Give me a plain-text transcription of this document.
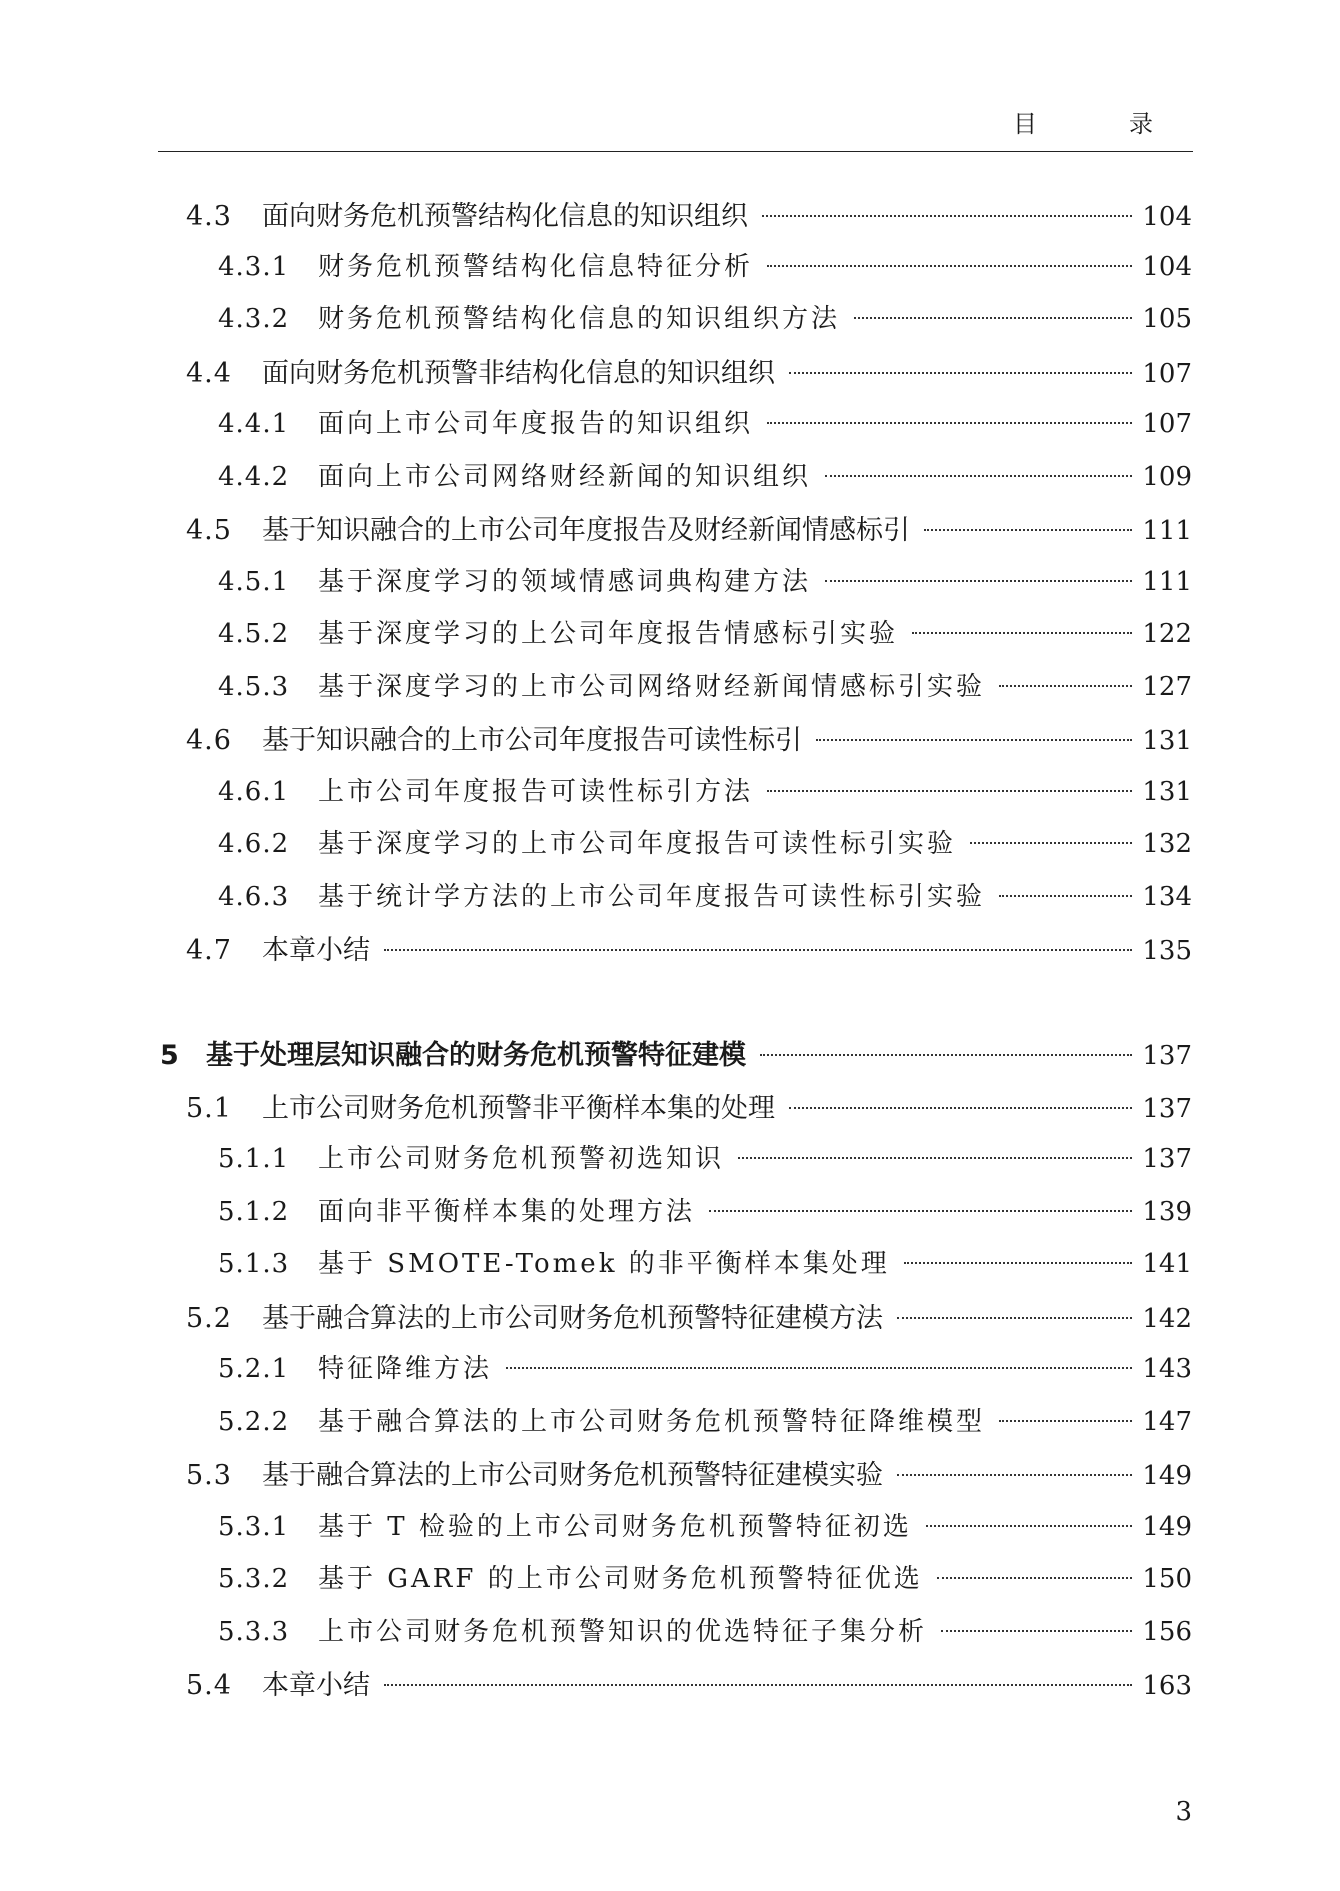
目　录
4.3	面向财务危机预警结构化信息的知识组织	104
4.3.1	财务危机预警结构化信息特征分析	104
4.3.2	财务危机预警结构化信息的知识组织方法	105
4.4	面向财务危机预警非结构化信息的知识组织	107
4.4.1	面向上市公司年度报告的知识组织	107
4.4.2	面向上市公司网络财经新闻的知识组织	109
4.5	基于知识融合的上市公司年度报告及财经新闻情感标引	111
4.5.1	基于深度学习的领域情感词典构建方法	111
4.5.2	基于深度学习的上公司年度报告情感标引实验	122
4.5.3	基于深度学习的上市公司网络财经新闻情感标引实验	127
4.6	基于知识融合的上市公司年度报告可读性标引	131
4.6.1	上市公司年度报告可读性标引方法	131
4.6.2	基于深度学习的上市公司年度报告可读性标引实验	132
4.6.3	基于统计学方法的上市公司年度报告可读性标引实验	134
4.7	本章小结	135
5	基于处理层知识融合的财务危机预警特征建模	137
5.1	上市公司财务危机预警非平衡样本集的处理	137
5.1.1	上市公司财务危机预警初选知识	137
5.1.2	面向非平衡样本集的处理方法	139
5.1.3	基于 SMOTE-Tomek 的非平衡样本集处理	141
5.2	基于融合算法的上市公司财务危机预警特征建模方法	142
5.2.1	特征降维方法	143
5.2.2	基于融合算法的上市公司财务危机预警特征降维模型	147
5.3	基于融合算法的上市公司财务危机预警特征建模实验	149
5.3.1	基于 T 检验的上市公司财务危机预警特征初选	149
5.3.2	基于 GARF 的上市公司财务危机预警特征优选	150
5.3.3	上市公司财务危机预警知识的优选特征子集分析	156
5.4	本章小结	163
3
